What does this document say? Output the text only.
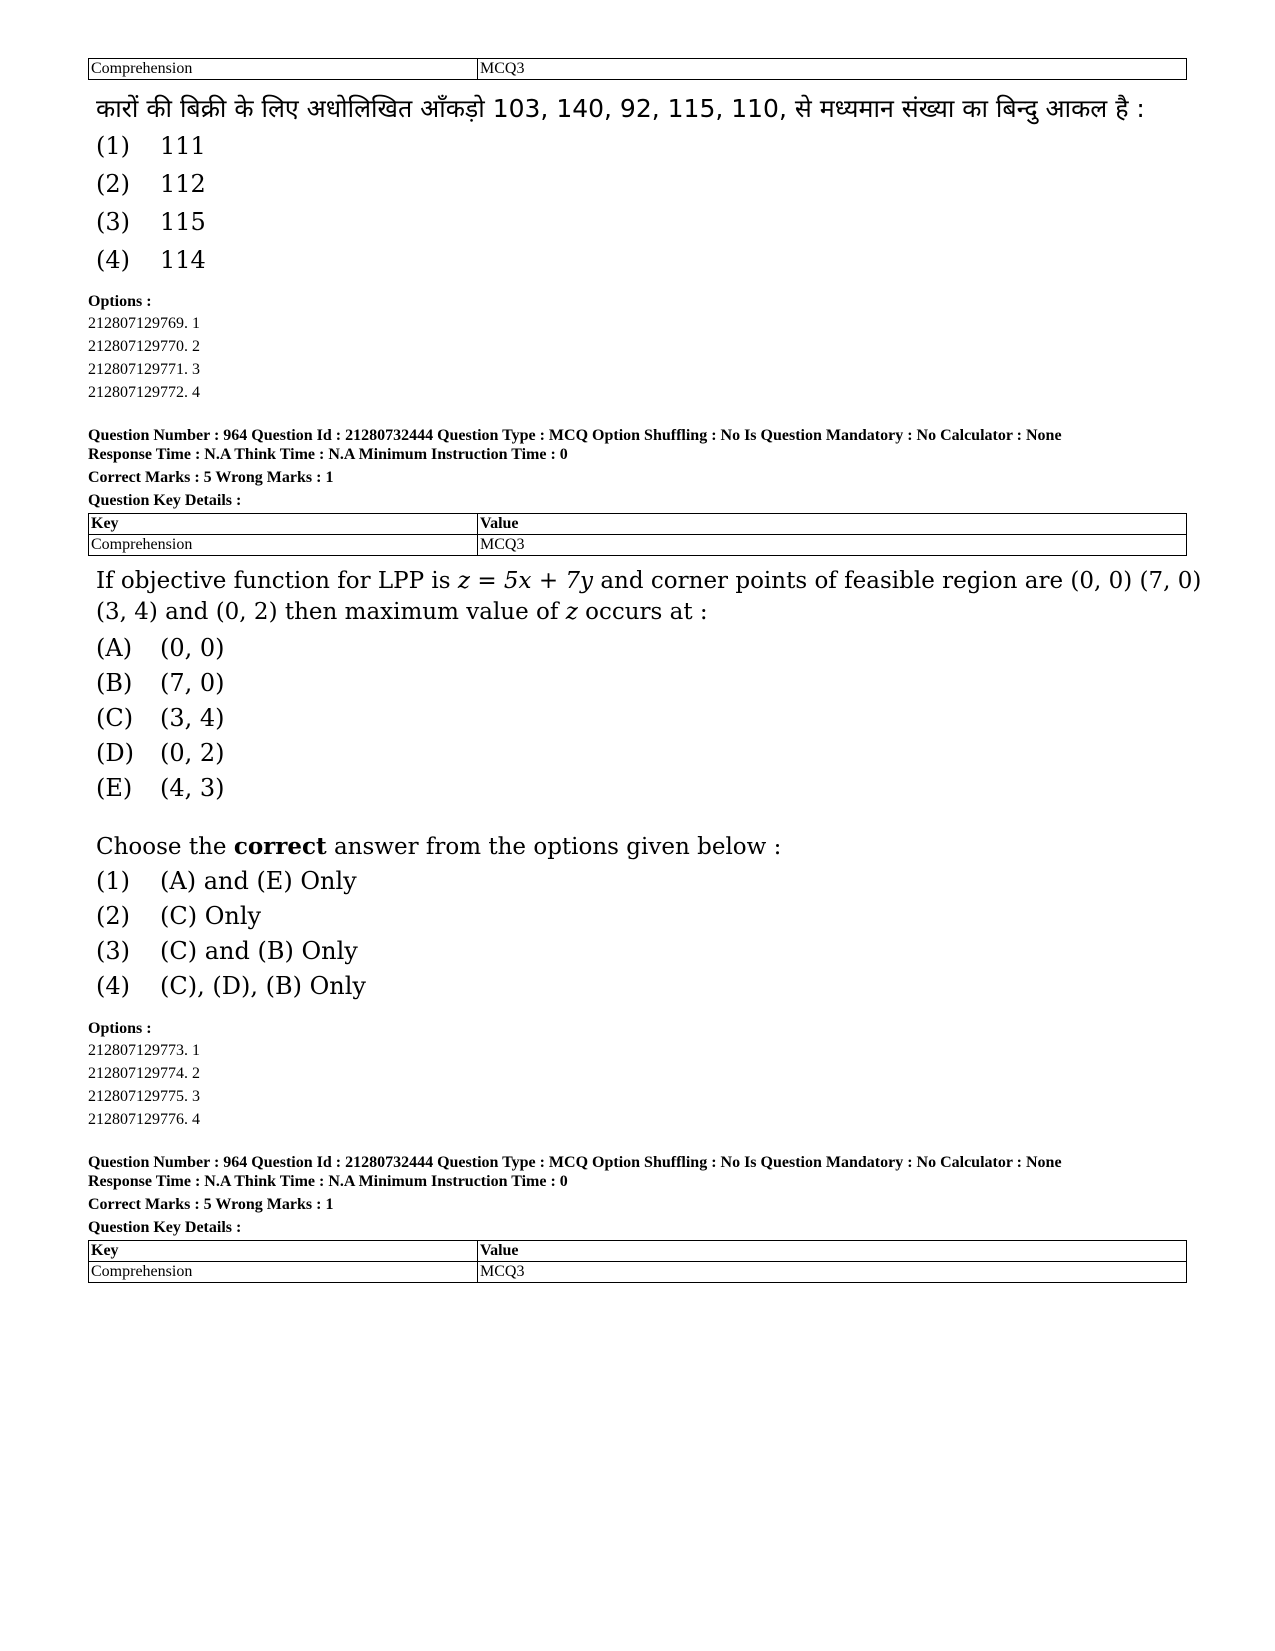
Comprehension	MCQ3
कारों की बिक्री के लिए अधोलिखित आँकड़ो 103, 140, 92, 115, 110, से मध्यमान संख्या का बिन्दु आकल है :
(1)	111
(2)	112
(3)	115
(4)	114
Options :
212807129769. 1
212807129770. 2
212807129771. 3
212807129772. 4
Question Number : 964 Question Id : 21280732444 Question Type : MCQ Option Shuffling : No Is Question Mandatory : No Calculator : None
Response Time : N.A Think Time : N.A Minimum Instruction Time : 0
Correct Marks : 5 Wrong Marks : 1
Question Key Details :
Key	Value
Comprehension	MCQ3
If objective function for LPP is z = 5x + 7y and corner points of feasible region are (0, 0) (7, 0) (3, 4) and (0, 2) then maximum value of z occurs at :
(A)	(0, 0)
(B)	(7, 0)
(C)	(3, 4)
(D)	(0, 2)
(E)	(4, 3)
Choose the correct answer from the options given below :
(1)	(A) and (E) Only
(2)	(C) Only
(3)	(C) and (B) Only
(4)	(C), (D), (B) Only
Options :
212807129773. 1
212807129774. 2
212807129775. 3
212807129776. 4
Question Number : 964 Question Id : 21280732444 Question Type : MCQ Option Shuffling : No Is Question Mandatory : No Calculator : None
Response Time : N.A Think Time : N.A Minimum Instruction Time : 0
Correct Marks : 5 Wrong Marks : 1
Question Key Details :
Key	Value
Comprehension	MCQ3
